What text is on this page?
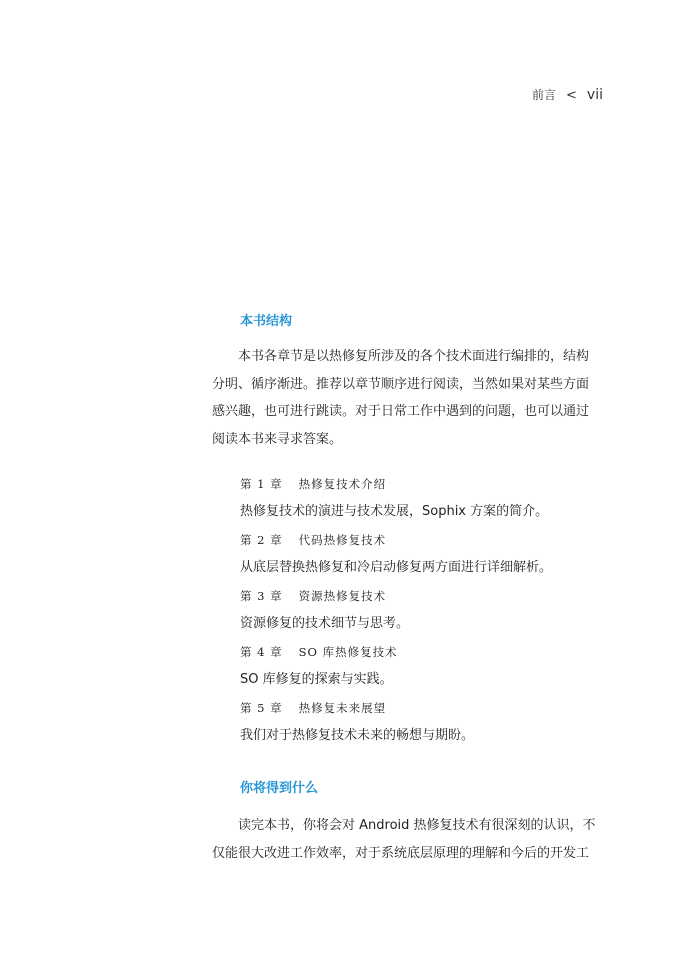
前言 < vii
本书结构
本书各章节是以热修复所涉及的各个技术面进行编排的，结构
分明、循序渐进。推荐以章节顺序进行阅读，当然如果对某些方面
感兴趣，也可进行跳读。对于日常工作中遇到的问题，也可以通过
阅读本书来寻求答案。
第 1 章 热修复技术介绍
热修复技术的演进与技术发展，Sophix 方案的简介。
第 2 章 代码热修复技术
从底层替换热修复和冷启动修复两方面进行详细解析。
第 3 章 资源热修复技术
资源修复的技术细节与思考。
第 4 章 SO 库热修复技术
SO 库修复的探索与实践。
第 5 章 热修复未来展望
我们对于热修复技术未来的畅想与期盼。
你将得到什么
读完本书，你将会对 Android 热修复技术有很深刻的认识，不
仅能很大改进工作效率，对于系统底层原理的理解和今后的开发工
